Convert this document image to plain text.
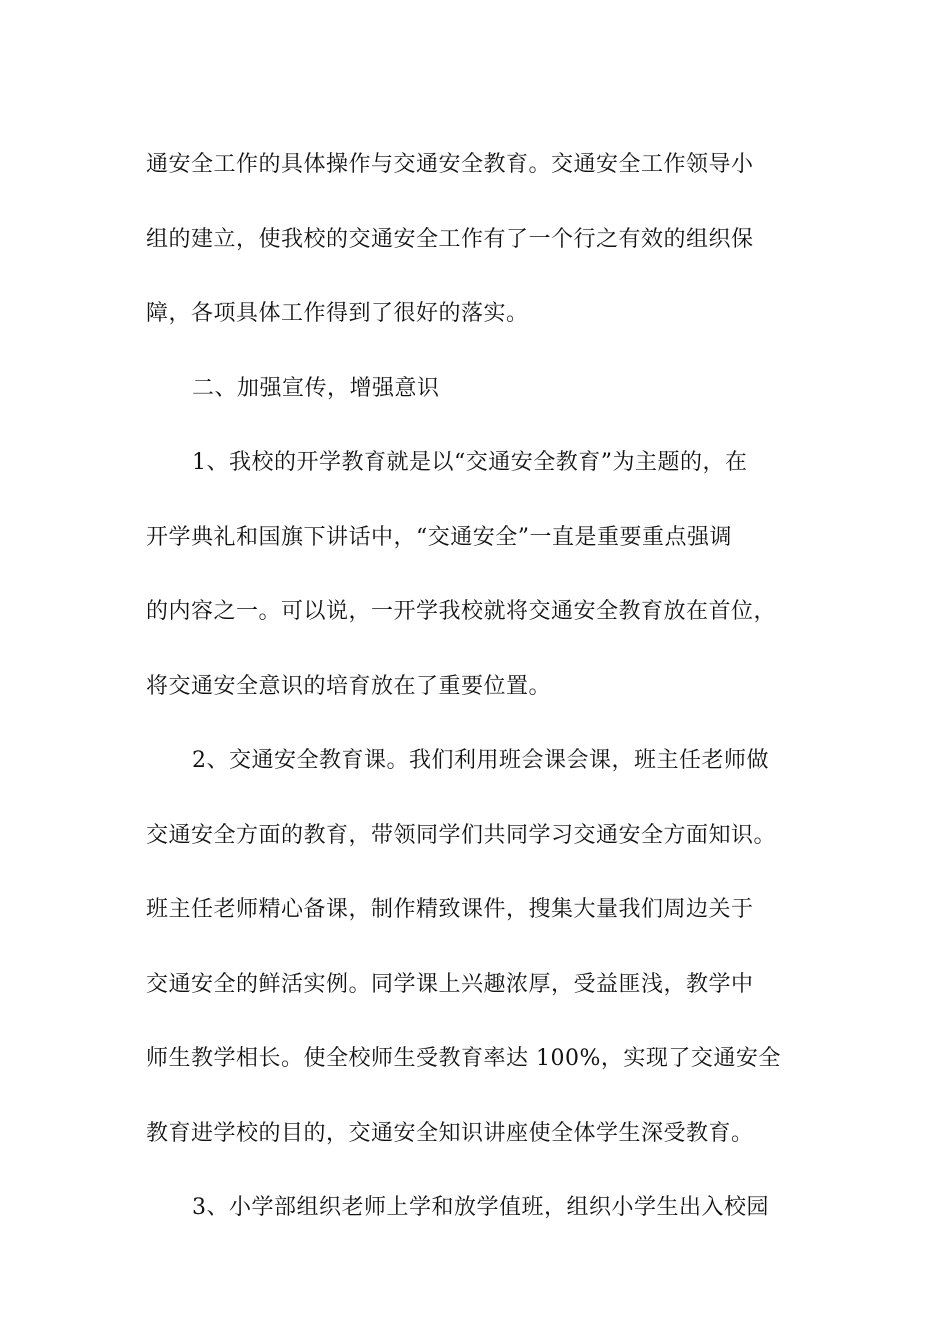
通安全工作的具体操作与交通安全教育。交通安全工作领导小
组的建立，使我校的交通安全工作有了一个行之有效的组织保
障，各项具体工作得到了很好的落实。

二、加强宣传，增强意识

1、我校的开学教育就是以“交通安全教育”为主题的，在
开学典礼和国旗下讲话中，“交通安全”一直是重要重点强调
的内容之一。可以说，一开学我校就将交通安全教育放在首位，
将交通安全意识的培育放在了重要位置。

2、交通安全教育课。我们利用班会课会课，班主任老师做
交通安全方面的教育，带领同学们共同学习交通安全方面知识。
班主任老师精心备课，制作精致课件，搜集大量我们周边关于
交通安全的鲜活实例。同学课上兴趣浓厚，受益匪浅，教学中
师生教学相长。使全校师生受教育率达 100%，实现了交通安全
教育进学校的目的，交通安全知识讲座使全体学生深受教育。

3、小学部组织老师上学和放学值班，组织小学生出入校园
